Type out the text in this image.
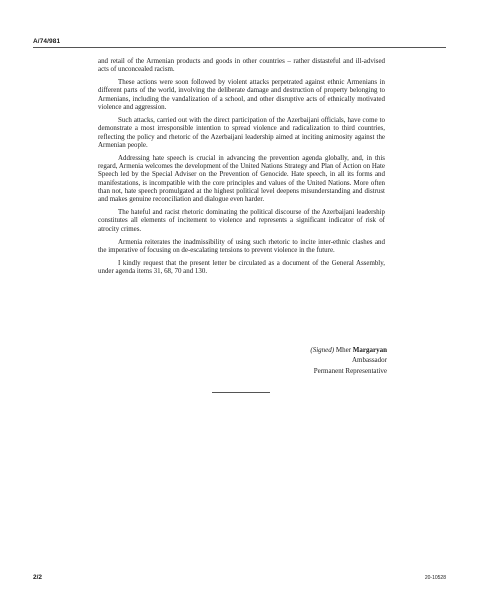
A/74/981

and retail of the Armenian products and goods in other countries – rather distasteful and ill-advised acts of unconcealed racism.

These actions were soon followed by violent attacks perpetrated against ethnic Armenians in different parts of the world, involving the deliberate damage and destruction of property belonging to Armenians, including the vandalization of a school, and other disruptive acts of ethnically motivated violence and aggression.

Such attacks, carried out with the direct participation of the Azerbaijani officials, have come to demonstrate a most irresponsible intention to spread violence and radicalization to third countries, reflecting the policy and rhetoric of the Azerbaijani leadership aimed at inciting animosity against the Armenian people.

Addressing hate speech is crucial in advancing the prevention agenda globally, and, in this regard, Armenia welcomes the development of the United Nations Strategy and Plan of Action on Hate Speech led by the Special Adviser on the Prevention of Genocide. Hate speech, in all its forms and manifestations, is incompatible with the core principles and values of the United Nations. More often than not, hate speech promulgated at the highest political level deepens misunderstanding and distrust and makes genuine reconciliation and dialogue even harder.

The hateful and racist rhetoric dominating the political discourse of the Azerbaijani leadership constitutes all elements of incitement to violence and represents a significant indicator of risk of atrocity crimes.

Armenia reiterates the inadmissibility of using such rhetoric to incite inter-ethnic clashes and the imperative of focusing on de-escalating tensions to prevent violence in the future.

I kindly request that the present letter be circulated as a document of the General Assembly, under agenda items 31, 68, 70 and 130.

(Signed) Mher Margaryan
Ambassador
Permanent Representative
2/2	20-10528
